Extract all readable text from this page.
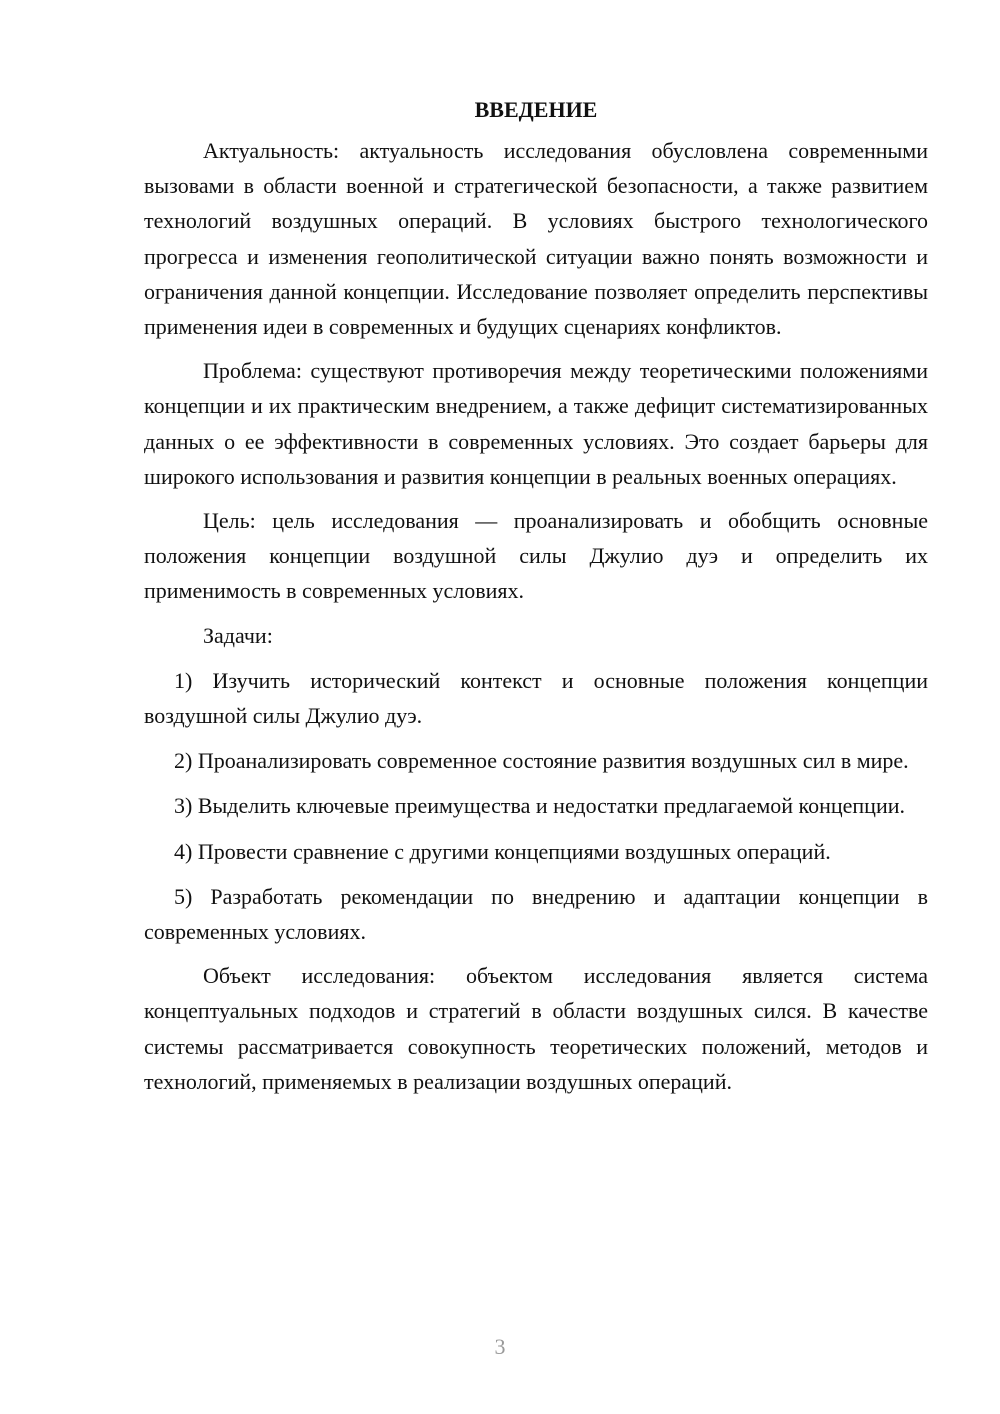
ВВЕДЕНИЕ

Актуальность: актуальность исследования обусловлена современными вызовами в области военной и стратегической безопасности, а также развитием технологий воздушных операций. В условиях быстрого технологического прогресса и изменения геополитической ситуации важно понять возможности и ограничения данной концепции. Исследование позволяет определить перспективы применения идеи в современных и будущих сценариях конфликтов.

Проблема: существуют противоречия между теоретическими положениями концепции и их практическим внедрением, а также дефицит систематизированных данных о ее эффективности в современных условиях. Это создает барьеры для широкого использования и развития концепции в реальных военных операциях.

Цель: цель исследования — проанализировать и обобщить основные положения концепции воздушной силы Джулио дуэ и определить их применимость в современных условиях.

Задачи:

1) Изучить исторический контекст и основные положения концепции воздушной силы Джулио дуэ.

2) Проанализировать современное состояние развития воздушных сил в мире.

3) Выделить ключевые преимущества и недостатки предлагаемой концепции.

4) Провести сравнение с другими концепциями воздушных операций.

5) Разработать рекомендации по внедрению и адаптации концепции в современных условиях.

Объект исследования: объектом исследования является система концептуальных подходов и стратегий в области воздушных сился. В качестве системы рассматривается совокупность теоретических положений, методов и технологий, применяемых в реализации воздушных операций.

3
